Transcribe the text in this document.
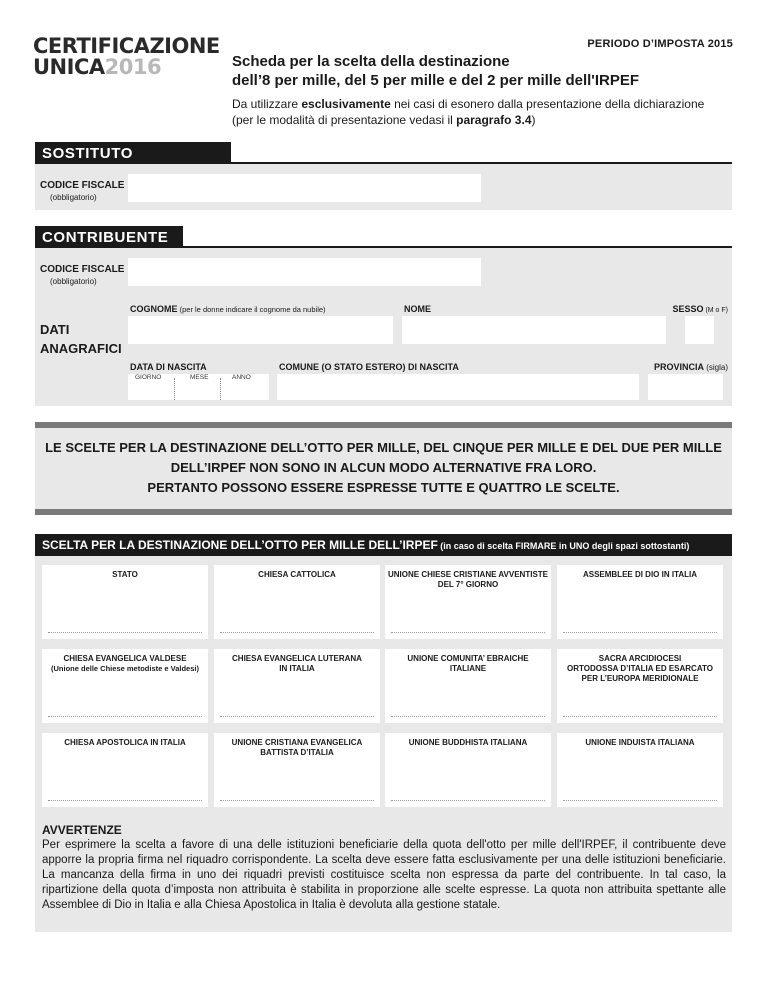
CERTIFICAZIONE
UNICA2016
PERIODO D’IMPOSTA 2015
Scheda per la scelta della destinazione
dell’8 per mille, del 5 per mille e del 2 per mille dell'IRPEF
Da utilizzare esclusivamente nei casi di esonero dalla presentazione della dichiarazione
(per le modalità di presentazione vedasi il paragrafo 3.4)
SOSTITUTO
CODICE FISCALE
(obbligatorio)
CONTRIBUENTE
CODICE FISCALE
(obbligatorio)
DATI
ANAGRAFICI
COGNOME (per le donne indicare il cognome da nubile)	NOME	SESSO (M o F)
DATA DI NASCITA	COMUNE (O STATO ESTERO) DI NASCITA	PROVINCIA (sigla)
GIORNO	MESE	ANNO
LE SCELTE PER LA DESTINAZIONE DELL’OTTO PER MILLE, DEL CINQUE PER MILLE E DEL DUE PER MILLE
DELL’IRPEF NON SONO IN ALCUN MODO ALTERNATIVE FRA LORO.
PERTANTO POSSONO ESSERE ESPRESSE TUTTE E QUATTRO LE SCELTE.
SCELTA PER LA DESTINAZIONE DELL’OTTO PER MILLE DELL’IRPEF (in caso di scelta FIRMARE in UNO degli spazi sottostanti)
STATO	CHIESA CATTOLICA	UNIONE CHIESE CRISTIANE AVVENTISTE
DEL 7° GIORNO
ASSEMBLEE DI DIO IN ITALIA
CHIESA EVANGELICA VALDESE
(Unione delle Chiese metodiste e Valdesi)
CHIESA EVANGELICA LUTERANA
IN ITALIA
UNIONE COMUNITA’ EBRAICHE
ITALIANE
SACRA ARCIDIOCESI
ORTODOSSA D’ITALIA ED ESARCATO
PER L’EUROPA MERIDIONALE
CHIESA APOSTOLICA IN ITALIA	UNIONE CRISTIANA EVANGELICA
BATTISTA D’ITALIA
UNIONE BUDDHISTA ITALIANA	UNIONE INDUISTA ITALIANA
AVVERTENZE
Per esprimere la scelta a favore di una delle istituzioni beneficiarie della quota dell'otto per mille dell'IRPEF, il contribuente deve apporre la propria firma nel riquadro corrispondente. La scelta deve essere fatta esclusivamente per una delle istituzioni beneficiarie. La mancanza della firma in uno dei riquadri previsti costituisce scelta non espressa da parte del contribuente. In tal caso, la ripartizione della quota d’imposta non attribuita è stabilita in proporzione alle scelte espresse. La quota non attribuita spettante alle Assemblee di Dio in Italia e alla Chiesa Apostolica in Italia è devoluta alla gestione statale.
